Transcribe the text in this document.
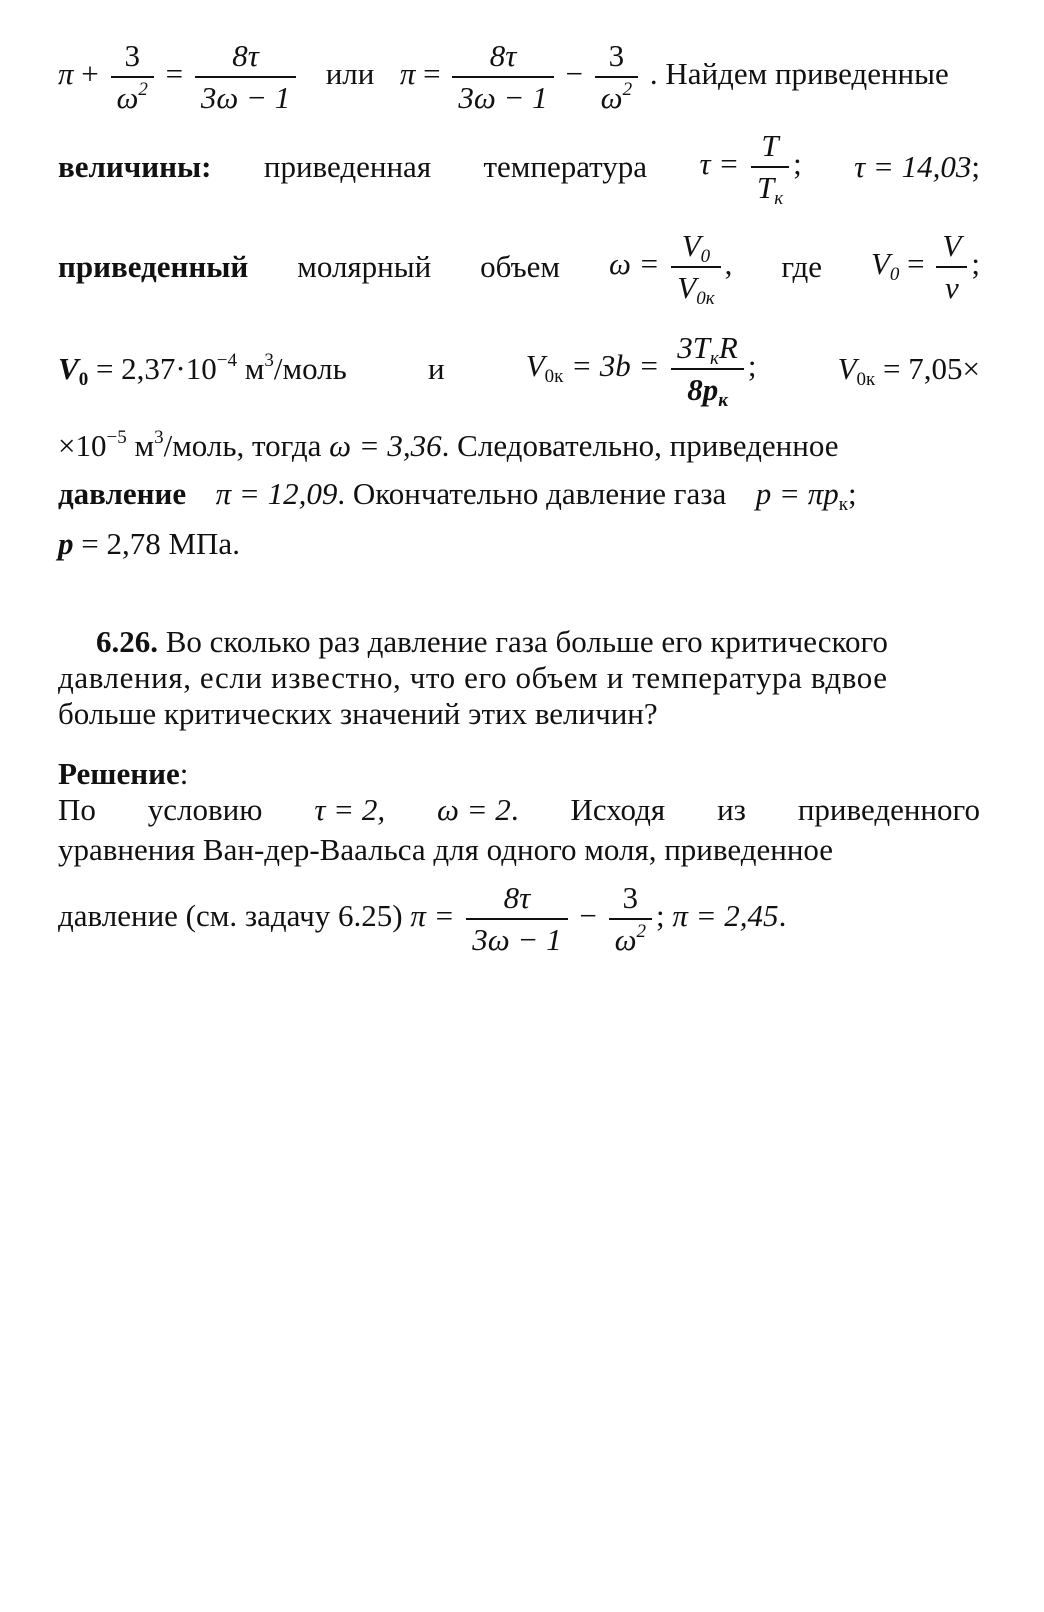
$\pi + \frac{3}{\omega^2} = \frac{8\tau}{3\omega - 1}$ или $\pi = \frac{8\tau}{3\omega - 1} - \frac{3}{\omega^2}$ . Найдем приведенные
величины: приведенная температура $\tau = \frac{T}{T_к}$ ; τ = 14,03;
приведенный молярный объем $\omega = \frac{V_0}{V_{0к}}$ , где $V_0 = \frac{V}{\nu}$ ;
$V_0 = 2,37\cdot 10^{-4}$ $м^3$/моль	и	$V_{0к} = 3b = \frac{3T_кR}{8p_к}$ ;	$V_{0к} = 7,05\times$
$\times 10^{-5}$ $м^3$/моль, тогда ω = 3,36. Следовательно, приведенное
давление π = 12,09. Окончательно давление газа $p = \pi p_к$;
p = 2,78 МПа.
6.26. Во сколько раз давление газа больше его критического
давления, если известно, что его объем и температура вдвое
больше критических значений этих величин?
Решение:
По условию τ = 2, ω = 2. Исходя из приведенного
уравнения Ван-дер-Ваальса для одного моля, приведенное
давление (см. задачу 6.25) $\pi = \frac{8\tau}{3\omega - 1} - \frac{3}{\omega^2}$ ; π = 2,45.
